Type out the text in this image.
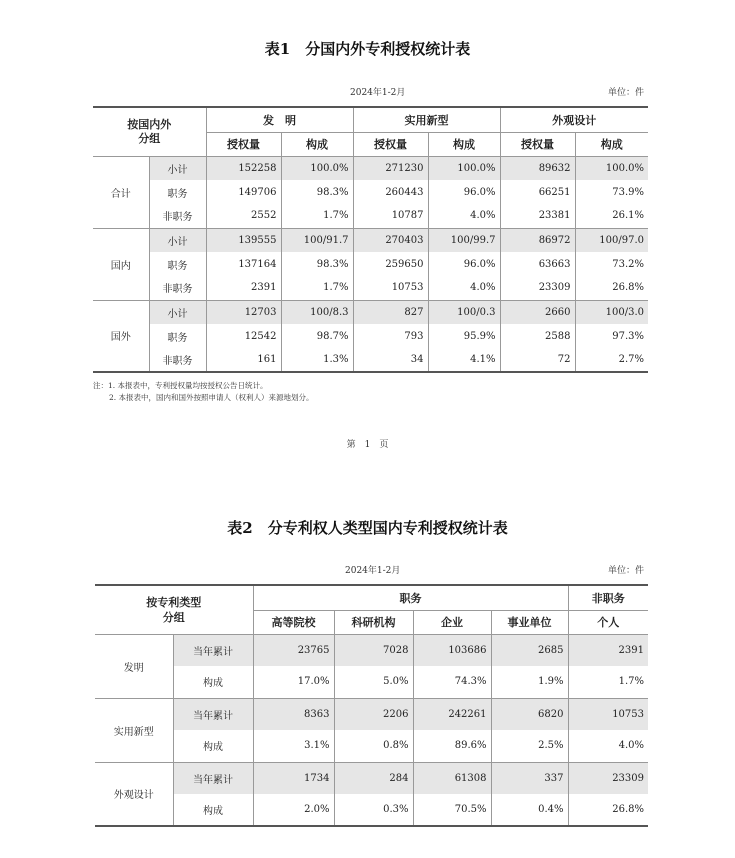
表1　分国内外专利授权统计表
2024年1-2月	单位：件
按国内外
分组		发　明		实用新型		外观设计	
		授权量	构成	授权量	构成	授权量	构成
合计	小计	152258	100.0%	271230	100.0%	89632	100.0%
	职务	149706	98.3%	260443	96.0%	66251	73.9%
	非职务	2552	1.7%	10787	4.0%	23381	26.1%
国内	小计	139555	100/91.7	270403	100/99.7	86972	100/97.0
	职务	137164	98.3%	259650	96.0%	63663	73.2%
	非职务	2391	1.7%	10753	4.0%	23309	26.8%
国外	小计	12703	100/8.3	827	100/0.3	2660	100/3.0
	职务	12542	98.7%	793	95.9%	2588	97.3%
	非职务	161	1.3%	34	4.1%	72	2.7%
注：1. 本报表中，专利授权量均按授权公告日统计。
2. 本报表中，国内和国外按照申请人（权利人）来源地划分。
第　1　页
表2　分专利权人类型国内专利授权统计表
2024年1-2月	单位：件
按专利类型
分组		职务				非职务
		高等院校	科研机构	企业	事业单位	个人
发明	当年累计	23765	7028	103686	2685	2391
	构成	17.0%	5.0%	74.3%	1.9%	1.7%
实用新型	当年累计	8363	2206	242261	6820	10753
	构成	3.1%	0.8%	89.6%	2.5%	4.0%
外观设计	当年累计	1734	284	61308	337	23309
	构成	2.0%	0.3%	70.5%	0.4%	26.8%
